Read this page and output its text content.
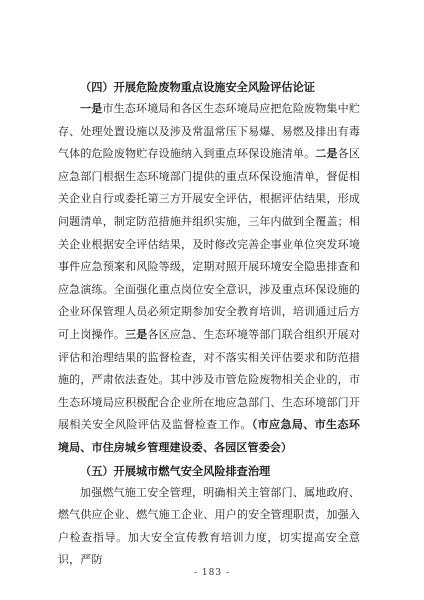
（四）开展危险废物重点设施安全风险评估论证

一是市生态环境局和各区生态环境局应把危险废物集中贮存、处理处置设施以及涉及常温常压下易爆、易燃及排出有毒气体的危险废物贮存设施纳入到重点环保设施清单。二是各区应急部门根据生态环境部门提供的重点环保设施清单，督促相关企业自行或委托第三方开展安全评估，根据评估结果，形成问题清单，制定防范措施并组织实施，三年内做到全覆盖；相关企业根据安全评估结果，及时修改完善企事业单位突发环境事件应急预案和风险等级，定期对照开展环境安全隐患排查和应急演练。全面强化重点岗位安全意识，涉及重点环保设施的企业环保管理人员必须定期参加安全教育培训，培训通过后方可上岗操作。三是各区应急、生态环境等部门联合组织开展对评估和治理结果的监督检查，对不落实相关评估要求和防范措施的，严肃依法查处。其中涉及市管危险废物相关企业的，市生态环境局应积极配合企业所在地应急部门、生态环境部门开展相关安全风险评估及监督检查工作。（市应急局、市生态环境局、市住房城乡管理建设委、各园区管委会）

（五）开展城市燃气安全风险排查治理

加强燃气施工安全管理，明确相关主管部门、属地政府、燃气供应企业、燃气施工企业、用户的安全管理职责，加强入户检查指导。加大安全宣传教育培训力度，切实提高安全意识，严防

- 183 -
